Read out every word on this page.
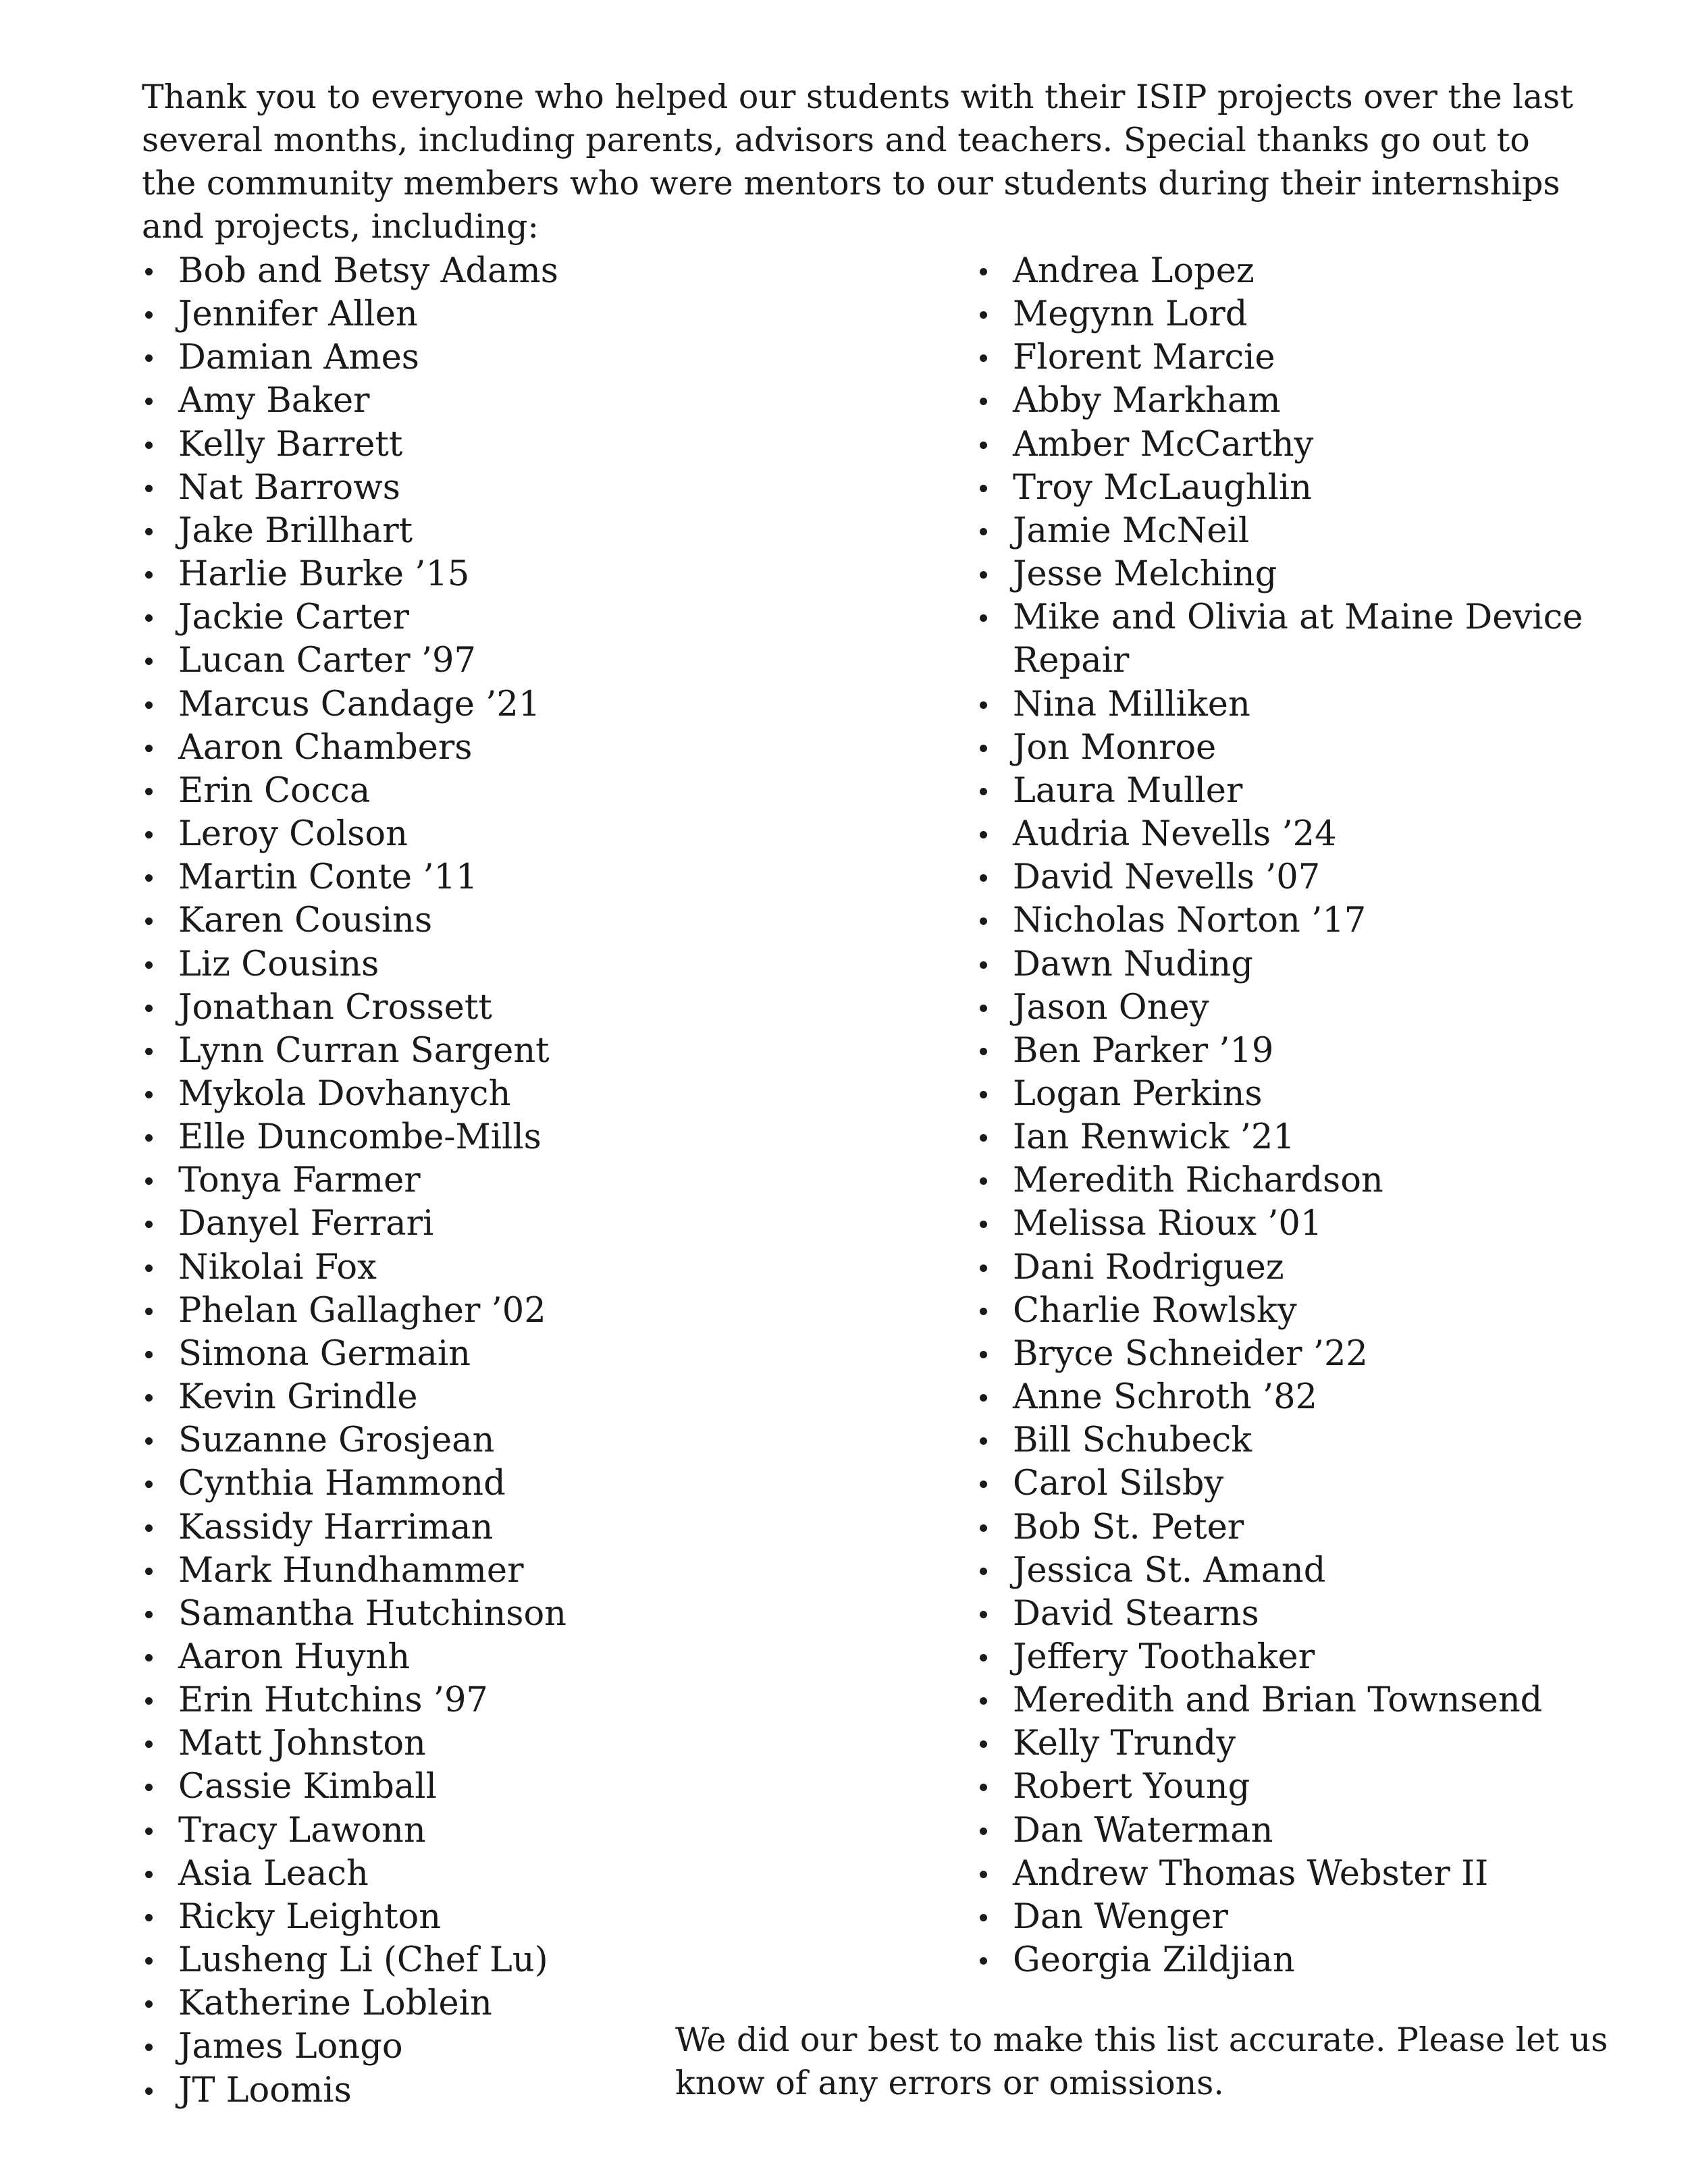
Thank you to everyone who helped our students with their ISIP projects over the last several months, including parents, advisors and teachers. Special thanks go out to the community members who were mentors to our students during their internships and projects, including:

Bob and Betsy Adams
Jennifer Allen
Damian Ames
Amy Baker
Kelly Barrett
Nat Barrows
Jake Brillhart
Harlie Burke ’15
Jackie Carter
Lucan Carter ’97
Marcus Candage ’21
Aaron Chambers
Erin Cocca
Leroy Colson
Martin Conte ’11
Karen Cousins
Liz Cousins
Jonathan Crossett
Lynn Curran Sargent
Mykola Dovhanych
Elle Duncombe-Mills
Tonya Farmer
Danyel Ferrari
Nikolai Fox
Phelan Gallagher ’02
Simona Germain
Kevin Grindle
Suzanne Grosjean
Cynthia Hammond
Kassidy Harriman
Mark Hundhammer
Samantha Hutchinson
Aaron Huynh
Erin Hutchins ’97
Matt Johnston
Cassie Kimball
Tracy Lawonn
Asia Leach
Ricky Leighton
Lusheng Li (Chef Lu)
Katherine Loblein
James Longo
JT Loomis
Andrea Lopez
Megynn Lord
Florent Marcie
Abby Markham
Amber McCarthy
Troy McLaughlin
Jamie McNeil
Jesse Melching
Mike and Olivia at Maine Device Repair
Nina Milliken
Jon Monroe
Laura Muller
Audria Nevells ’24
David Nevells ’07
Nicholas Norton ’17
Dawn Nuding
Jason Oney
Ben Parker ’19
Logan Perkins
Ian Renwick ’21
Meredith Richardson
Melissa Rioux ’01
Dani Rodriguez
Charlie Rowlsky
Bryce Schneider ’22
Anne Schroth ’82
Bill Schubeck
Carol Silsby
Bob St. Peter
Jessica St. Amand
David Stearns
Jeffery Toothaker
Meredith and Brian Townsend
Kelly Trundy
Robert Young
Dan Waterman
Andrew Thomas Webster II
Dan Wenger
Georgia Zildjian

We did our best to make this list accurate. Please let us know of any errors or omissions.
